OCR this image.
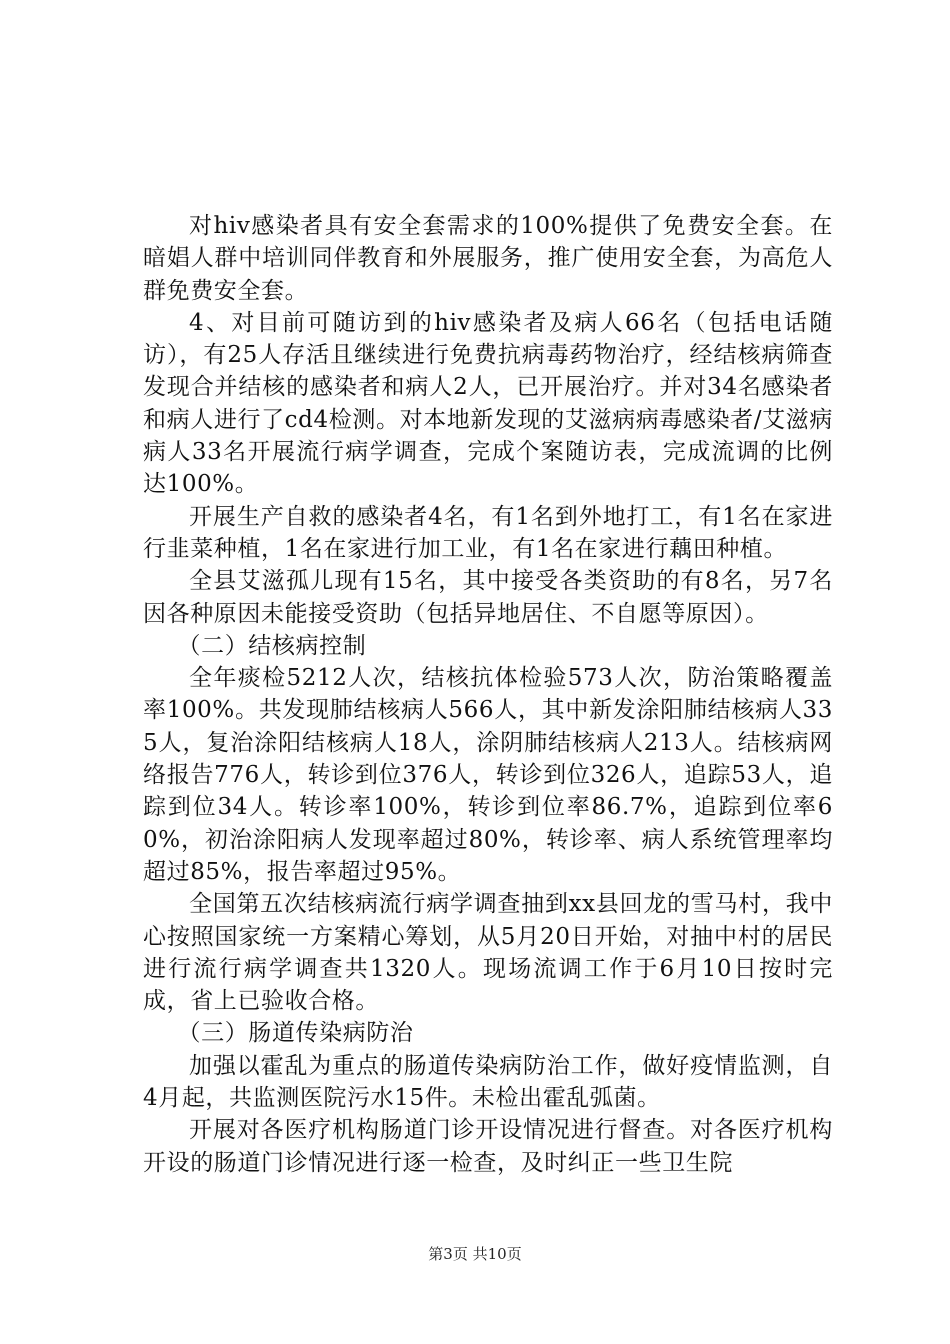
对hiv感染者具有安全套需求的100%提供了免费安全套。在暗娼人群中培训同伴教育和外展服务，推广使用安全套，为高危人群免费安全套。

4、对目前可随访到的hiv感染者及病人66名（包括电话随访），有25人存活且继续进行免费抗病毒药物治疗，经结核病筛查发现合并结核的感染者和病人2人，已开展治疗。并对34名感染者和病人进行了cd4检测。对本地新发现的艾滋病病毒感染者/艾滋病病人33名开展流行病学调查，完成个案随访表，完成流调的比例达100%。

开展生产自救的感染者4名，有1名到外地打工，有1名在家进行韭菜种植，1名在家进行加工业，有1名在家进行藕田种植。

全县艾滋孤儿现有15名，其中接受各类资助的有8名，另7名因各种原因未能接受资助（包括异地居住、不自愿等原因）。

（二）结核病控制

全年痰检5212人次，结核抗体检验573人次，防治策略覆盖率100%。共发现肺结核病人566人，其中新发涂阳肺结核病人335人，复治涂阳结核病人18人，涂阴肺结核病人213人。结核病网络报告776人，转诊到位376人，转诊到位326人，追踪53人，追踪到位34人。转诊率100%，转诊到位率86.7%，追踪到位率60%，初治涂阳病人发现率超过80%，转诊率、病人系统管理率均超过85%，报告率超过95%。

全国第五次结核病流行病学调查抽到xx县回龙的雪马村，我中心按照国家统一方案精心筹划，从5月20日开始，对抽中村的居民进行流行病学调查共1320人。现场流调工作于6月10日按时完成，省上已验收合格。

（三）肠道传染病防治

加强以霍乱为重点的肠道传染病防治工作，做好疫情监测，自4月起，共监测医院污水15件。未检出霍乱弧菌。

开展对各医疗机构肠道门诊开设情况进行督查。对各医疗机构开设的肠道门诊情况进行逐一检查，及时纠正一些卫生院

第3页 共10页
